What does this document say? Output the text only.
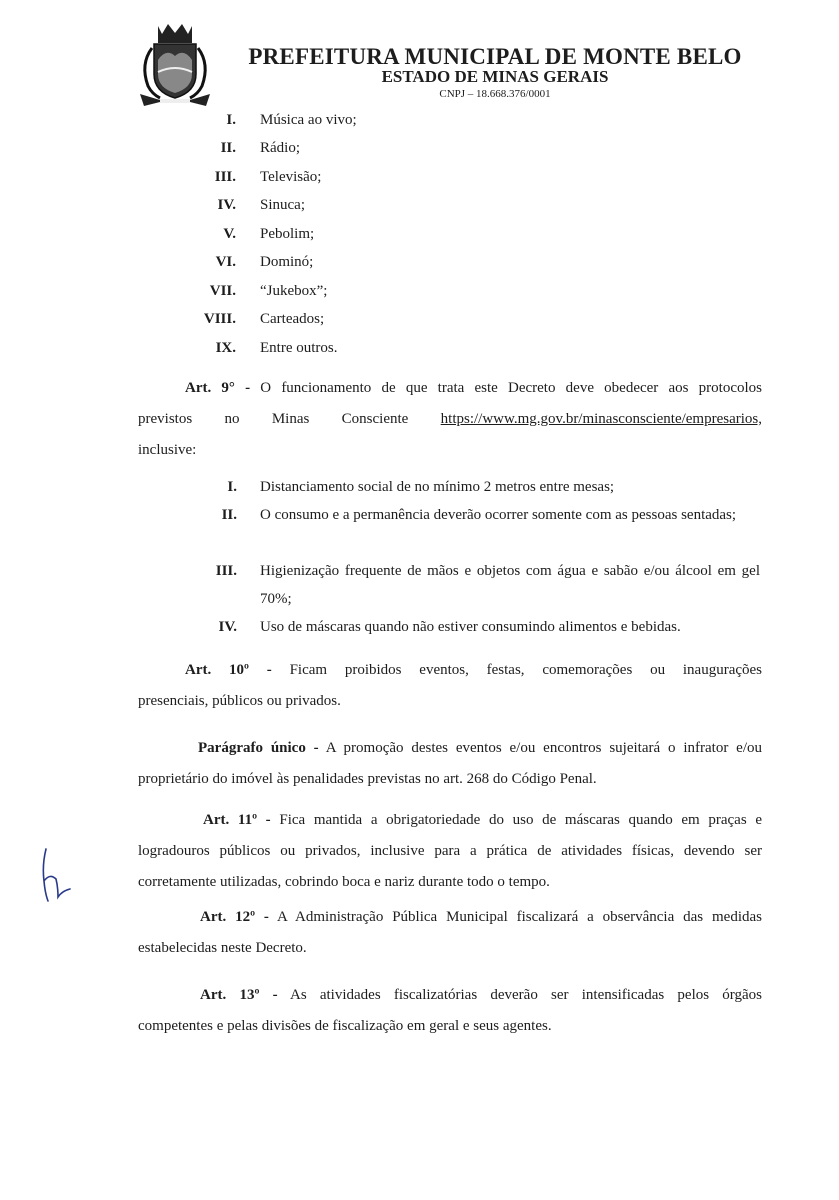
PREFEITURA MUNICIPAL DE MONTE BELO
ESTADO DE MINAS GERAIS
CNPJ – 18.668.376/0001
I. Música ao vivo;
II. Rádio;
III. Televisão;
IV. Sinuca;
V. Pebolim;
VI. Dominó;
VII. “Jukebox”;
VIII. Carteados;
IX. Entre outros.
Art. 9° - O funcionamento de que trata este Decreto deve obedecer aos protocolos
previstos no Minas Consciente https://www.mg.gov.br/minasconsciente/empresarios,
inclusive:
I. Distanciamento social de no mínimo 2 metros entre mesas;
II. O consumo e a permanência deverão ocorrer somente com as pessoas sentadas;
III. Higienização frequente de mãos e objetos com água e sabão e/ou álcool em gel 70%;
IV. Uso de máscaras quando não estiver consumindo alimentos e bebidas.
Art. 10º - Ficam proibidos eventos, festas, comemorações ou inaugurações
presenciais, públicos ou privados.
Parágrafo único - A promoção destes eventos e/ou encontros sujeitará o infrator e/ou
proprietário do imóvel às penalidades previstas no art. 268 do Código Penal.
Art. 11º - Fica mantida a obrigatoriedade do uso de máscaras quando em praças e
logradouros públicos ou privados, inclusive para a prática de atividades físicas, devendo ser
corretamente utilizadas, cobrindo boca e nariz durante todo o tempo.
Art. 12º - A Administração Pública Municipal fiscalizará a observância das medidas
estabelecidas neste Decreto.
Art. 13º - As atividades fiscalizatórias deverão ser intensificadas pelos órgãos
competentes e pelas divisões de fiscalização em geral e seus agentes.
